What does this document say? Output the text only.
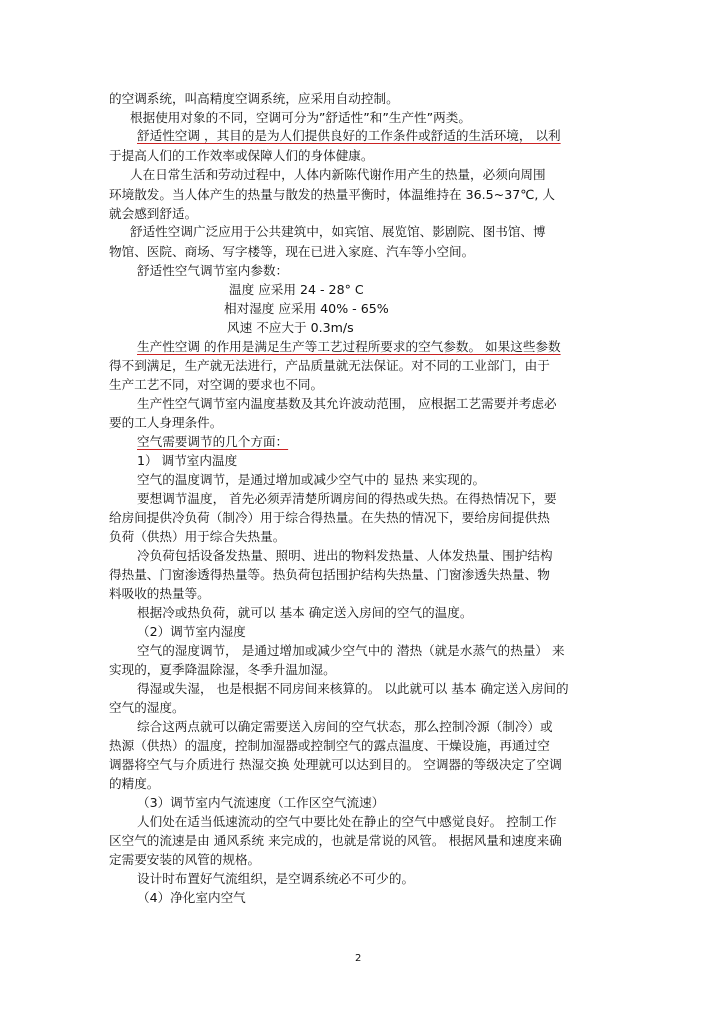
的空调系统，叫高精度空调系统，应采用自动控制。
根据使用对象的不同，空调可分为”舒适性”和”生产性”两类。
舒适性空调 ，其目的是为人们提供良好的工作条件或舒适的生活环境， 以利
于提高人们的工作效率或保障人们的身体健康。
人在日常生活和劳动过程中，人体内新陈代谢作用产生的热量，必须向周围
环境散发。当人体产生的热量与散发的热量平衡时，体温维持在 36.5~37℃, 人
就会感到舒适。
舒适性空调广泛应用于公共建筑中，如宾馆、展览馆、影剧院、图书馆、博
物馆、医院、商场、写字楼等，现在已进入家庭、汽车等小空间。
舒适性空气调节室内参数：
温度 应采用 24 - 28° C
相对湿度 应采用 40% - 65%
风速 不应大于 0.3m/s
生产性空调 的作用是满足生产等工艺过程所要求的空气参数。 如果这些参数
得不到满足，生产就无法进行，产品质量就无法保证。对不同的工业部门，由于
生产工艺不同，对空调的要求也不同。
生产性空气调节室内温度基数及其允许波动范围， 应根据工艺需要并考虑必
要的工人身理条件。
空气需要调节的几个方面：
1） 调节室内温度
空气的温度调节，是通过增加或减少空气中的 显热 来实现的。
要想调节温度， 首先必须弄清楚所调房间的得热或失热。在得热情况下，要
给房间提供冷负荷（制冷）用于综合得热量。在失热的情况下，要给房间提供热
负荷（供热）用于综合失热量。
冷负荷包括设备发热量、照明、进出的物料发热量、人体发热量、围护结构
得热量、门窗渗透得热量等。热负荷包括围护结构失热量、门窗渗透失热量、物
料吸收的热量等。
根据冷或热负荷，就可以 基本 确定送入房间的空气的温度。
（2）调节室内湿度
空气的湿度调节， 是通过增加或减少空气中的 潜热（就是水蒸气的热量） 来
实现的，夏季降温除湿，冬季升温加湿。
得湿或失湿， 也是根据不同房间来核算的。 以此就可以 基本 确定送入房间的
空气的湿度。
综合这两点就可以确定需要送入房间的空气状态，那么控制冷源（制冷）或
热源（供热）的温度，控制加湿器或控制空气的露点温度、干燥设施，再通过空
调器将空气与介质进行 热湿交换 处理就可以达到目的。 空调器的等级决定了空调
的精度。
（3）调节室内气流速度（工作区空气流速）
人们处在适当低速流动的空气中要比处在静止的空气中感觉良好。 控制工作
区空气的流速是由 通风系统 来完成的，也就是常说的风管。 根据风量和速度来确
定需要安装的风管的规格。
设计时布置好气流组织，是空调系统必不可少的。
（4）净化室内空气
2
